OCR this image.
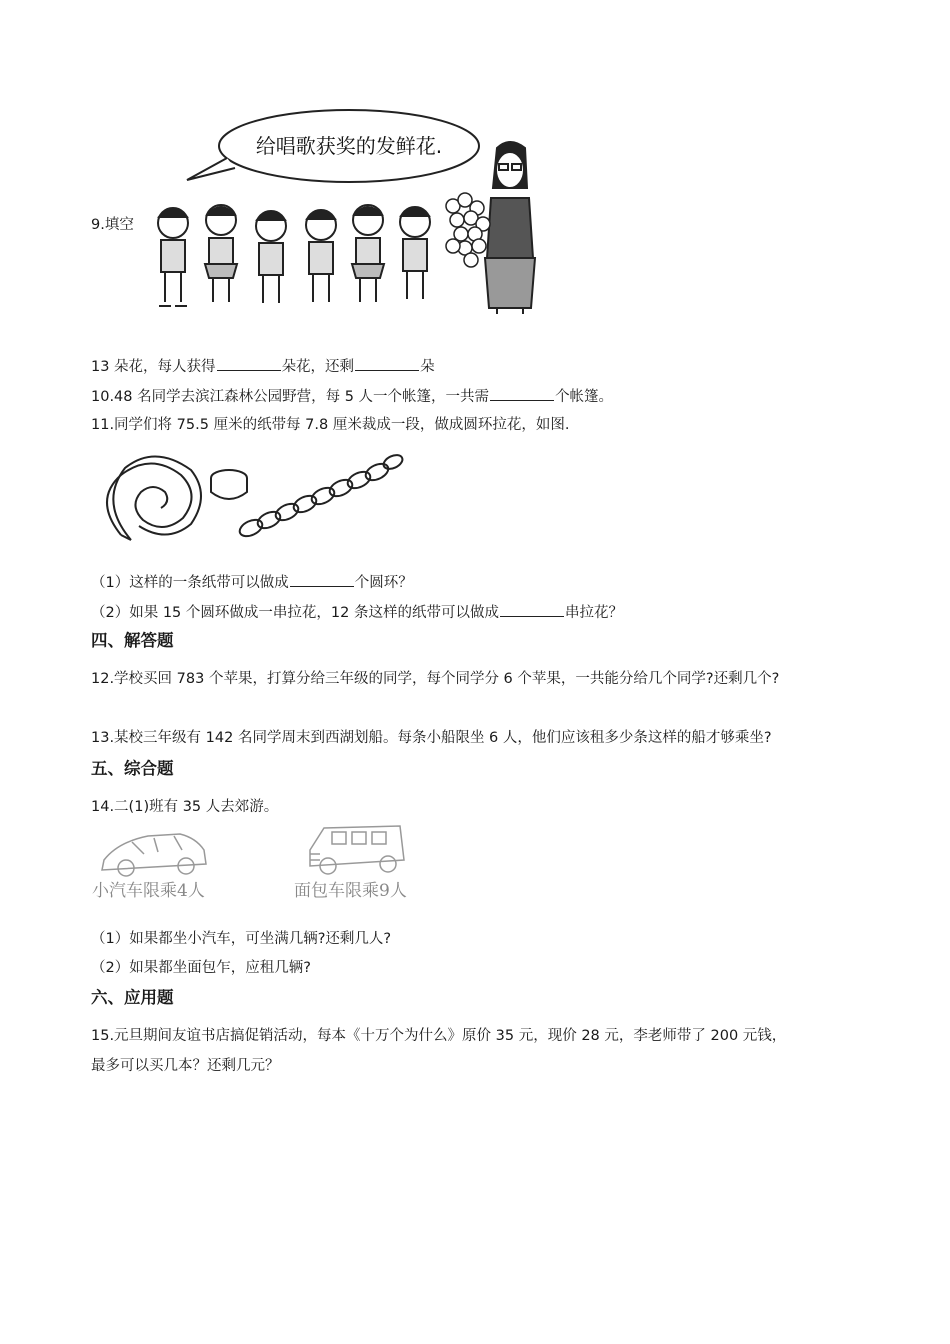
给唱歌获奖的发鲜花.
9.填空
13 朵花，每人获得	朵花，还剩	朵
10.48 名同学去滨江森林公园野营，每 5 人一个帐篷，一共需	个帐篷。
11.同学们将 75.5 厘米的纸带每 7.8 厘米裁成一段，做成圆环拉花，如图.
（1）这样的一条纸带可以做成	个圆环？
（2）如果 15 个圆环做成一串拉花，12 条这样的纸带可以做成	串拉花？
四、解答题
12.学校买回 783 个苹果，打算分给三年级的同学，每个同学分 6 个苹果，一共能分给几个同学?还剩几个?
13.某校三年级有 142 名同学周末到西湖划船。每条小船限坐 6 人，他们应该租多少条这样的船才够乘坐?
五、综合题
14.二(1)班有 35 人去郊游。
小汽车限乘4人	面包车限乘9人
（1）如果都坐小汽车，可坐满几辆?还剩几人?
（2）如果都坐面包乍，应租几辆?
六、应用题
15.元旦期间友谊书店搞促销活动，每本《十万个为什么》原价 35 元，现价 28 元，李老师带了 200 元钱，
最多可以买几本？还剩几元？
